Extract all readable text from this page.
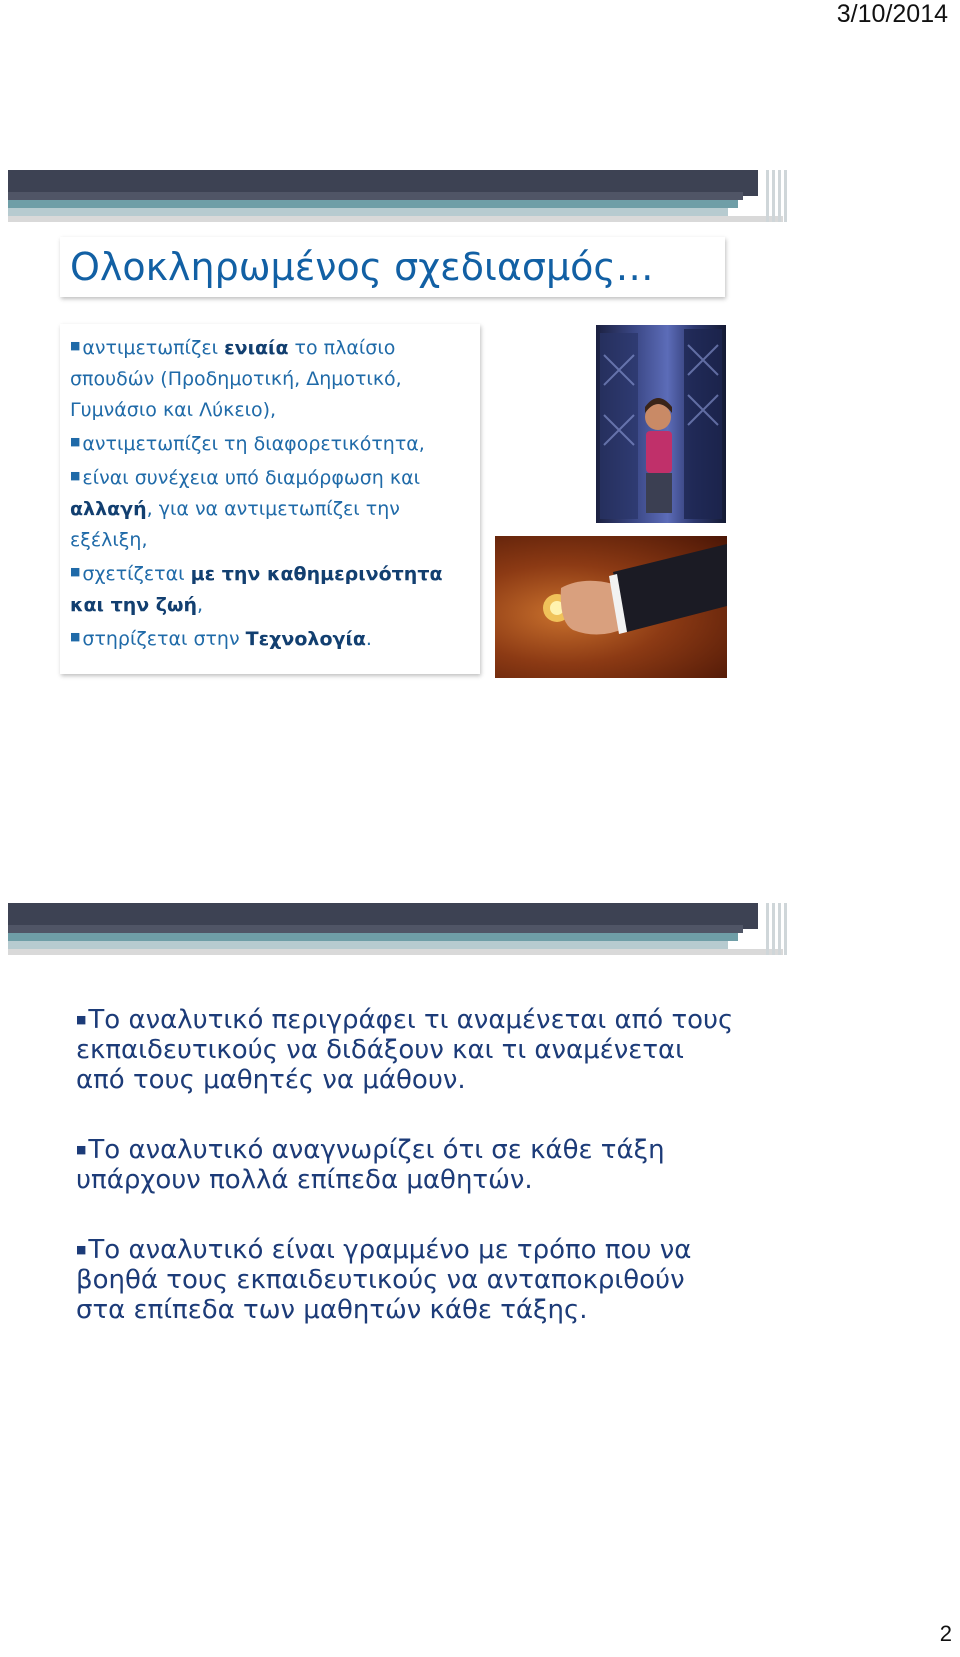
3/10/2014
Ολοκληρωμένος σχεδιασμός…

■ αντιμετωπίζει ενιαία το πλαίσιο σπουδών (Προδημοτική, Δημοτικό, Γυμνάσιο και Λύκειο),

■ αντιμετωπίζει τη διαφορετικότητα,

■ είναι συνέχεια υπό διαμόρφωση και αλλαγή, για να αντιμετωπίζει την εξέλιξη,

■ σχετίζεται με την καθημερινότητα και την ζωή,

■ στηρίζεται στην Τεχνολογία.

■Το αναλυτικό περιγράφει τι αναμένεται από τους εκπαιδευτικούς να διδάξουν και τι αναμένεται από τους μαθητές να μάθουν.

■Το αναλυτικό αναγνωρίζει ότι σε κάθε τάξη υπάρχουν πολλά επίπεδα μαθητών.

■Το αναλυτικό είναι γραμμένο με τρόπο που να βοηθά τους εκπαιδευτικούς να ανταποκριθούν στα επίπεδα των μαθητών κάθε τάξης.

2
